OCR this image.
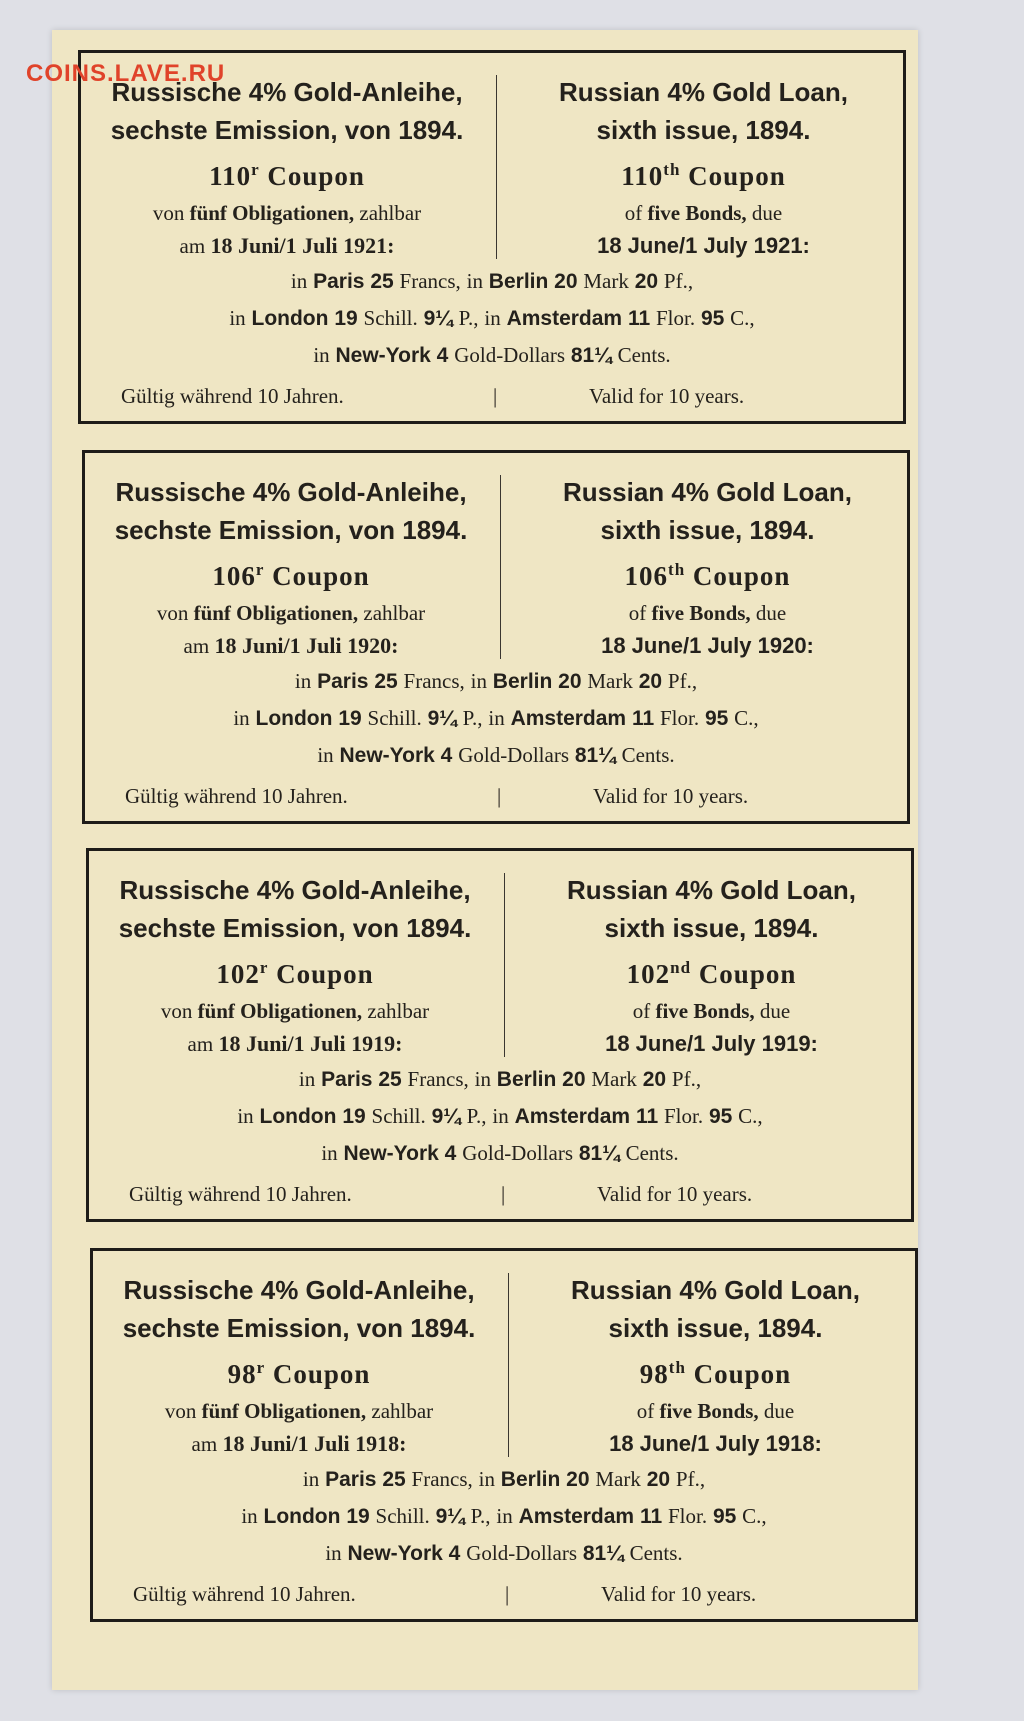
COINS.LAVE.RU
Russische 4% Gold-Anleihe,
sechste Emission, von 1894.
110$^r$ Coupon
von fünf Obligationen, zahlbar
am 18 Juni/1 Juli 1921:
Russian 4% Gold Loan,
sixth issue, 1894.
110th Coupon
of five Bonds, due
18 June/1 July 1921:
in Paris 25 Francs, in Berlin 20 Mark 20 Pf.,
in London 19 Schill. 9¼ P., in Amsterdam 11 Flor. 95 C.,
in New-York 4 Gold-Dollars 81¼ Cents.
Gültig während 10 Jahren.	|	Valid for 10 years.
Russische 4% Gold-Anleihe,
sechste Emission, von 1894.
106$^r$ Coupon
von fünf Obligationen, zahlbar
am 18 Juni/1 Juli 1920:
Russian 4% Gold Loan,
sixth issue, 1894.
106th Coupon
of five Bonds, due
18 June/1 July 1920:
in Paris 25 Francs, in Berlin 20 Mark 20 Pf.,
in London 19 Schill. 9¼ P., in Amsterdam 11 Flor. 95 C.,
in New-York 4 Gold-Dollars 81¼ Cents.
Gültig während 10 Jahren.	|	Valid for 10 years.
Russische 4% Gold-Anleihe,
sechste Emission, von 1894.
102$^r$ Coupon
von fünf Obligationen, zahlbar
am 18 Juni/1 Juli 1919:
Russian 4% Gold Loan,
sixth issue, 1894.
102nd Coupon
of five Bonds, due
18 June/1 July 1919:
in Paris 25 Francs, in Berlin 20 Mark 20 Pf.,
in London 19 Schill. 9¼ P., in Amsterdam 11 Flor. 95 C.,
in New-York 4 Gold-Dollars 81¼ Cents.
Gültig während 10 Jahren.	|	Valid for 10 years.
Russische 4% Gold-Anleihe,
sechste Emission, von 1894.
98$^r$ Coupon
von fünf Obligationen, zahlbar
am 18 Juni/1 Juli 1918:
Russian 4% Gold Loan,
sixth issue, 1894.
98th Coupon
of five Bonds, due
18 June/1 July 1918:
in Paris 25 Francs, in Berlin 20 Mark 20 Pf.,
in London 19 Schill. 9¼ P., in Amsterdam 11 Flor. 95 C.,
in New-York 4 Gold-Dollars 81¼ Cents.
Gültig während 10 Jahren.	|	Valid for 10 years.
